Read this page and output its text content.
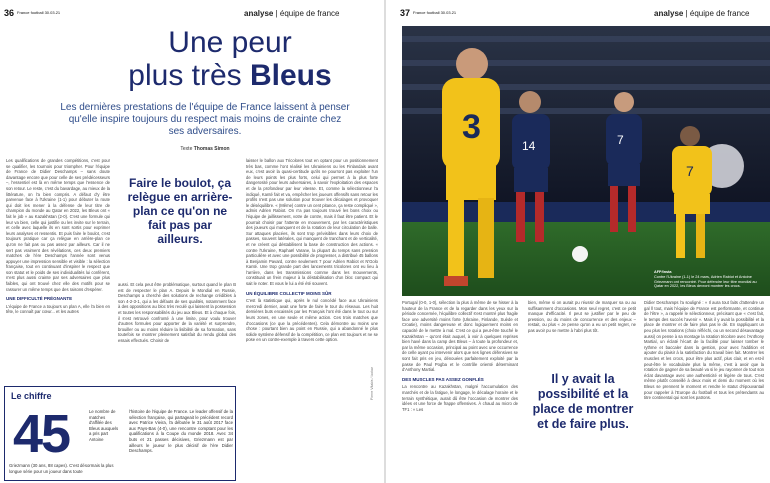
36 $^{France football 30.03.21}$	analyse | équipe de france
Une peur
plus très Bleus

Les dernières prestations de l'équipe de France laissent à penser qu'elle inspire toujours du respect mais moins de crainte chez ses adversaires.

Texte Thomas Simon

Les qualifications de grandes compétitions, c'est pour se qualifier, les tournois pour triompher. Pour l'équipe de France de Didier Deschamps – sans doute davantage encore que pour celle de ses prédécesseurs –, l'essentiel est là en même temps que l'essence de son retour. Le reste, c'est du bavardage, au mieux de la littérature, on l'a bien compris. A défaut d'y être parvenue face à l'Ukraine (1-1) pour débuter la route qui doit les mener à la défense de leur titre de champion du monde au Qatar en 2022, les Bleus ont « fait le job » au Kazakhstan (2-0). C'est une formule qui leur va bien, celle qui justifie ou les invite sur le terrain, et celle avec laquelle ils en sont sortis pour exprimer leurs analyses et ressentis. Et puis faire le boulot, c'est toujours pratique car ça relègue en arrière-plan ce qu'on ne fait pas ou pas assez par ailleurs. Car il ne sert pas vraiment des révélations, ces deux premiers matches de l'ère Deschamps l'année sont venus appuyer une impression sensible et visible : la sélection française, tout en continuant d'inspirer le respect que son statut et le poids de ses individualités lui confèrent, n'est plus aussi crainte par ses adversaires que plus faibles, qui ont trouvé chez elle des motifs pour se rassurer un même temps que des raisons d'espérer.

UNE DIFFICULTÉ PRÉGNANTE

L'équipe de France a toujours un plan A, elle l'a bien en tête, le connaît par cœur... et les autres

Faire le boulot, ça relègue en arrière-plan ce qu'on ne fait pas par ailleurs.

aussi. Et cela peut être problématique, surtout quand le plan B est de respecter le plan A. Depuis le Mondial en Russie, Deschamps a cherché des solutions de rechange crédibles à son 4-2-3-1, qui a les défauts de ses qualités, notamment face à des oppositions au bloc très reculé qui laissent la possession et toutes les responsabilités du jeu aux Bleus. Et à chaque fois, il s'est retrouvé confronté à une limite, pour voulu trouver d'autres formules pour apporter de la variété et surprendre, brouiller ou au moins réduire la lisibilité de sa formation, sans toutefois se montrer pleinement satisfait du rendu global des essais effectués. Choisir de

laisser le ballon aux Tricolores tout en optant pour un positionnement très bas, comme l'ont réalisé les Ukrainiens ou les Finlandais avant eux, c'est avoir la quasi-certitude qu'ils ne pourront pas exploiter l'un de leurs points les plus forts, celui qui permet à la plus forte dangerosité pour leurs adversaires, à savoir l'exploitation des espaces et de la profondeur par leur vitesse. Et, comme la sélectionneur l'a indiqué, Kanté fait et va, empêcher les joueurs offensifs sans retour les profils n'est pas une solution pour trouver les décalages et provoquer le déséquilibre. « (Même) contre un cent pitance, ça reste compliqué », admis Adrien Rabiot. On n'a pas toujours trouvé les bons choix ou l'équipe de jaillissement, votre de contre, mais il faut être patient. Et le pourrait choisir par l'attente en mouvement, par les caractéristiques des joueurs qui manquent et de la rotation de leur circulation de balle. Sur attaques placées, ils sont trop prévisibles dans leurs choix de passes, souvent latérales, qui manquent de tranchant et de verticalité, et ne créent qui déstabilisent la base de construction des actions. « contre l'Ukraine, Raphaël Varane, la plupart du temps sans pression particulière et avec une possibilité de progresser, a distribué 45 ballons à Benjamin Pavard, contre seulement 7 pour Adrien Rabiot et N'Golo Kanté. Une trop grande part des lancements tricolores ont eu lieu à l'arrière, dans les transmissions comme dans les mouvements, constituait un frein majeur à la déstabilisation d'un bloc compact qui sait le noter. Et vous le lui a été été souvent.

UN ÉQUILIBRE COLLECTIF MOINS SÛR

C'est là statistique qui, après le nul concédé face aux Ukrainiens mercredi dernier, avait une forte de faire le tour du réseaux. Les huit dernières buts encaissés par les Français l'ont été dans le tout ou sur leurs zones, en une seule et même action. Ces trois matches que d'occasions (ce que la précédentes). Cela démontre au moins une chose : pourtant bien au point en Russie, qui a abandonné le plus solide système défensif de la compétition, ce plan est toujours et ne se pose en un contre-exemple à travers cette option.

Le chiffre
45	Le nombre de matches d'affilée des Bleus auxquels a pris part Antoine
Griezmann (30 ans, 88 capes). C'est désormais la plus longue série pour un joueur dans toute
l'histoire de l'équipe de France. Le leader offensif de la sélection française, qui partageait le précédent record avec Patrice Vieira, l'a débutée le 31 août 2017 face aux Pays-Bas (4-0), une rencontre comptant pour les qualifications à la Coupe du monde 2018. Avec 34 buts et 21 passes décisives, Griezmann est par ailleurs le joueur le plus décisif de l'ère Didier Deschamps.
37 $^{France football 30.03.21}$	analyse | équipe de france
3	14	7
7
AFP/Insta
Contre l'Ukraine (1-1) le 24 mars, Adrien Rabiot et Antoine Griezmann ont rencontré. Pour défendre leur titre mondial au Qatar en 2022, les Bleus devront montrer les crocs.
Pierre Vitakis / Ixokar

Portugal (0-0, 1-0), sélection la plus à même de se hisser à la hauteur de la France et de la regarder dans les yeux sur la période concernée, l'équilibre collectif s'est montré plus fragile face une adversité moins forte (Ukraine, Finlande, Suède et Croatie), moins dangereuse et donc logiquement moins en capacité de le mettre à mal. C'est ce qui a peut-être touché le Kazakhstan – qu'ont était auquel, à voir à quelques reprises bien havé dans la camp des Bleus – à toute la profondeur et, par la même occasion, principal au point avec une occurrence de celle ayant pu intervenir alors que ses lignes défensives se sont fait pris en jeu, dénouées parfaitement exploité par la passe de Paul Pogba et le contrôle orienté déterminant d'Anthony Martial.

DES MUSCLES PAS ASSEZ GONFLÉS

La rencontre au Kazakhstan, malgré l'accumulation des marchés et de la fatigue, le longage, le décalage horaire et le terrain synthétique, aurait dû être l'occasion de montrer des idées et une force de frappe offensives. À chaud au micro de TF1 : « Les

bien, même si on aurait pu réussir de marquer sa ou au suffisamment d'occasions. Mon seul regret, c'est ce petit manque d'efficacité. Il peut se justifier par le peu de pression, ou du moins de concurrence et des enjeux – restait, ou plus « Je pense qu'on a eu un petit regret, ne pas avoir pu se mettre à l'abri plus tôt.

Il y avait la possibilité et la place de montrer et de faire plus.

Didier Deschamps l'a souligné : « Il aura tout faits d'attendre un gal ll tout, mais l'équipe de France est performante, et continue de l'être », a rappelé le sélectionneur, précisant que « c'est fait, le temps des succès l'avenir ». Mais il y avait la possibilité et la place de montrer et de faire plus pas le dé. En rappliquant un peu plus les rotations (choix réfléchi, ou un second désavantage aussi) on pense à sa montage la rotation tricolore avec l'Anthony Martial, un éclaté l'écart de la facilité pour laisser tomber le rythme et baccaler dans la gestion, pour avec l'addition et ajouter du plaisir à la satisfaction du travail bien fait. Montrer les muscles et les crocs, pour être plus actif, plus clair, et en est-il peut-être le vocabulaire plus la même, c'est à avoir que la rotation de gagner de sa beauté va si le jeu rayonner de tout son éclat davantage avec une authenticité et légère de tous. C'est même plutôt conseillé à deux mois et demi du moment où les Bleus se prennent le moment et rendre le statut d'épouvantail pour rappeler à l'Europe du football et tous les prétendants au titre continental qui sont les patrons.
